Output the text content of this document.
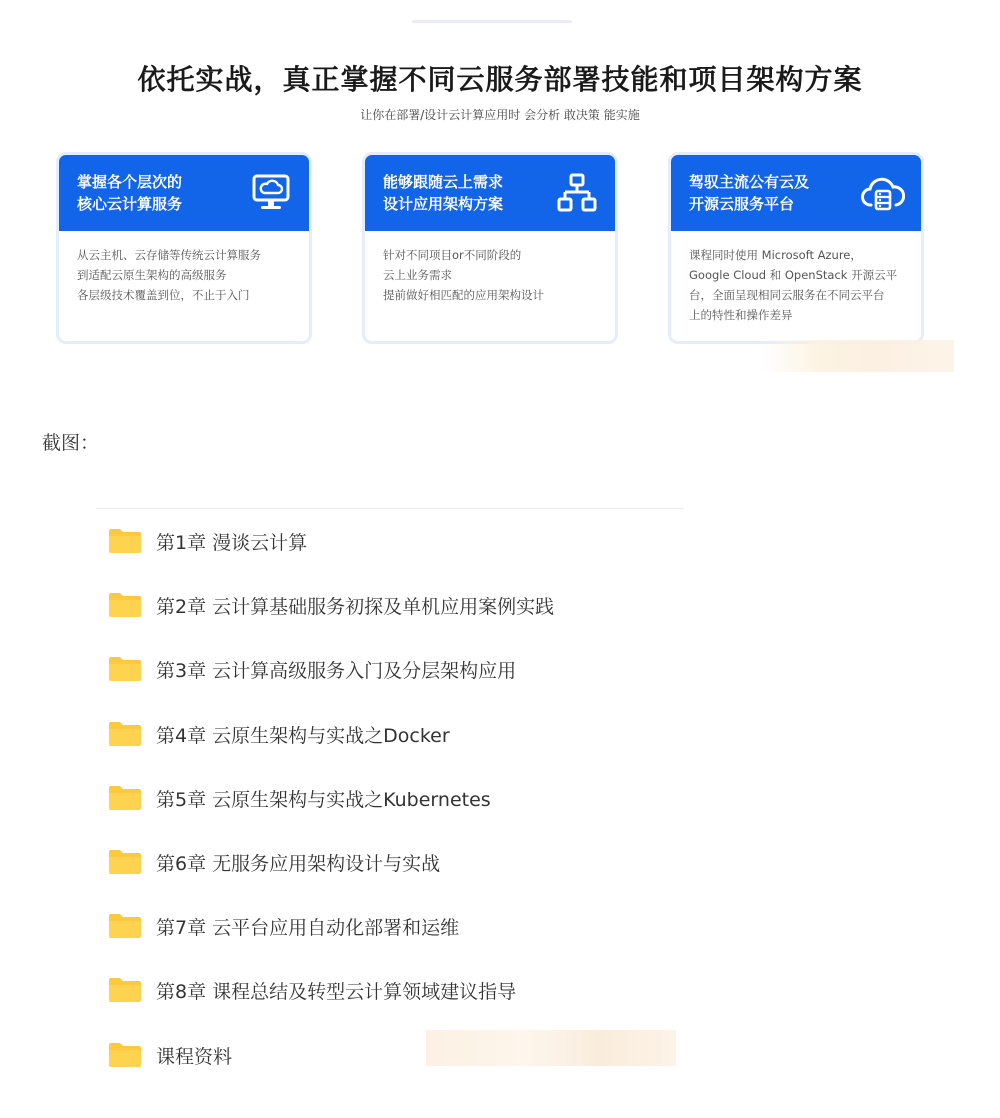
依托实战，真正掌握不同云服务部署技能和项目架构方案

让你在部署/设计云计算应用时 会分析 敢决策 能实施

掌握各个层次的
核心云计算服务
从云主机、云存储等传统云计算服务
到适配云原生架构的高级服务
各层级技术覆盖到位，不止于入门
能够跟随云上需求
设计应用架构方案
针对不同项目or不同阶段的
云上业务需求
提前做好相匹配的应用架构设计
驾驭主流公有云及
开源云服务平台
课程同时使用 Microsoft Azure，
Google Cloud 和 OpenStack 开源云平
台，全面呈现相同云服务在不同云平台
上的特性和操作差异
截图：
第1章 漫谈云计算
第2章 云计算基础服务初探及单机应用案例实践
第3章 云计算高级服务入门及分层架构应用
第4章 云原生架构与实战之Docker
第5章 云原生架构与实战之Kubernetes
第6章 无服务应用架构设计与实战
第7章 云平台应用自动化部署和运维
第8章 课程总结及转型云计算领域建议指导
课程资料
